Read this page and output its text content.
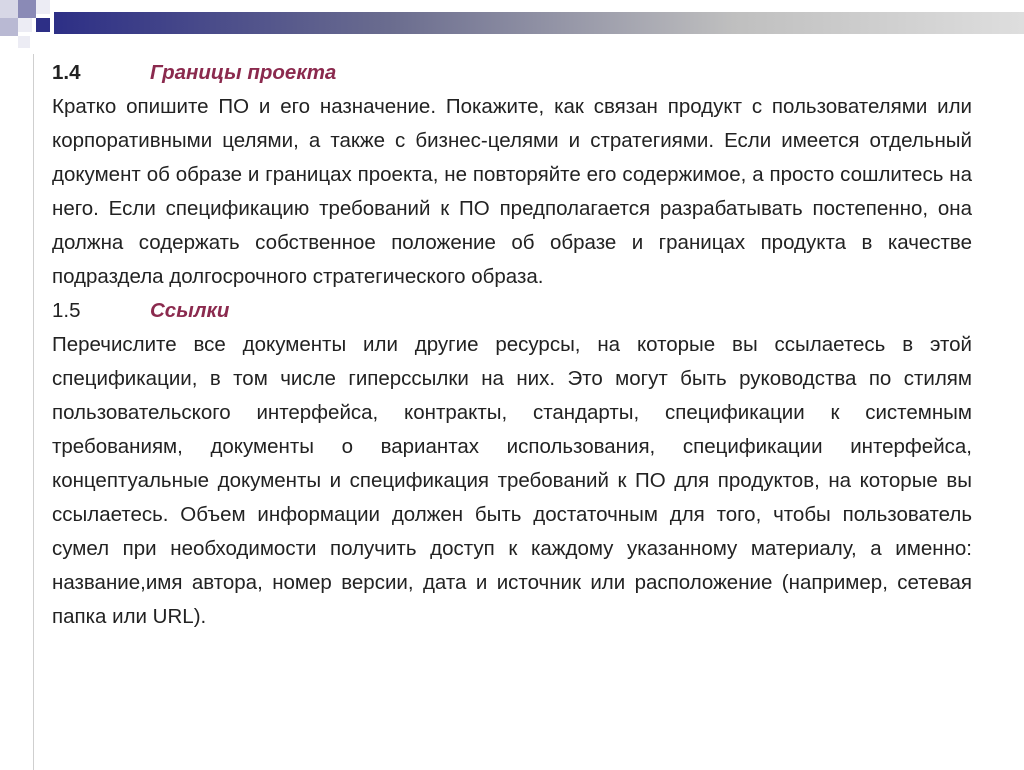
1.4	Границы проекта

Кратко опишите ПО и его назначение. Покажите, как связан продукт с пользователями или корпоративными целями, а также с бизнес-целями и стратегиями. Если имеется отдельный документ об образе и границах проекта, не повторяйте его содержимое, а просто сошлитесь на него. Если спецификацию требований к ПО предполагается разрабатывать постепенно, она должна содержать собственное положение об образе и границах продукта в качестве подраздела долгосрочного стратегического образа.

1.5	Ссылки

Перечислите все документы или другие ресурсы, на которые вы ссылаетесь в этой спецификации, в том числе гиперссылки на них. Это могут быть руководства по стилям пользовательского интерфейса, контракты, стандарты, спецификации к системным требованиям, документы о вариантах использования, спецификации интерфейса, концептуальные документы и спецификация требований к ПО для продуктов, на которые вы ссылаетесь. Объем информации должен быть достаточным для того, чтобы пользователь сумел при необходимости получить доступ к каждому указанному материалу, а именно: название,имя автора, номер версии, дата и источник или расположение (например, сетевая папка или URL).
